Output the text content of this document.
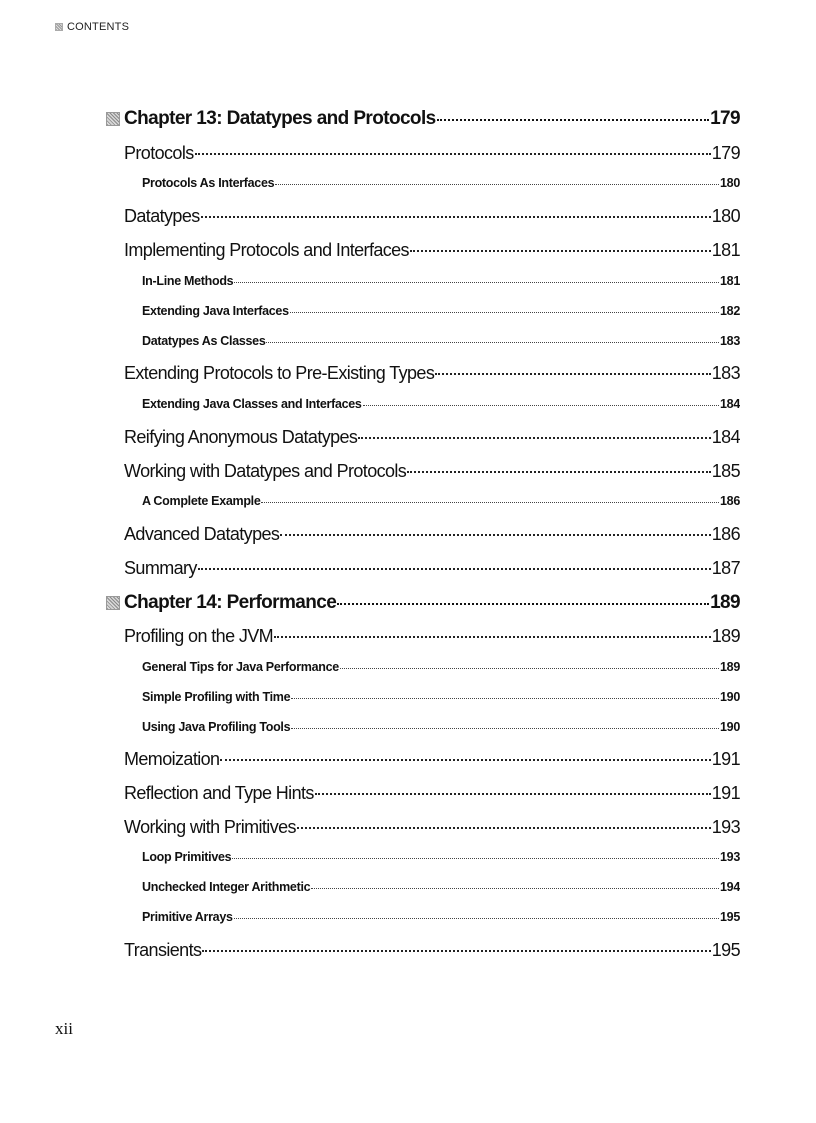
CONTENTS
Chapter 13: Datatypes and Protocols	179
Protocols	179
Protocols As Interfaces	180
Datatypes	180
Implementing Protocols and Interfaces	181
In-Line Methods	181
Extending Java Interfaces	182
Datatypes As Classes	183
Extending Protocols to Pre-Existing Types	183
Extending Java Classes and Interfaces	184
Reifying Anonymous Datatypes	184
Working with Datatypes and Protocols	185
A Complete Example	186
Advanced Datatypes	186
Summary	187
Chapter 14: Performance	189
Profiling on the JVM	189
General Tips for Java Performance	189
Simple Profiling with Time	190
Using Java Profiling Tools	190
Memoization	191
Reflection and Type Hints	191
Working with Primitives	193
Loop Primitives	193
Unchecked Integer Arithmetic	194
Primitive Arrays	195
Transients	195
xii
